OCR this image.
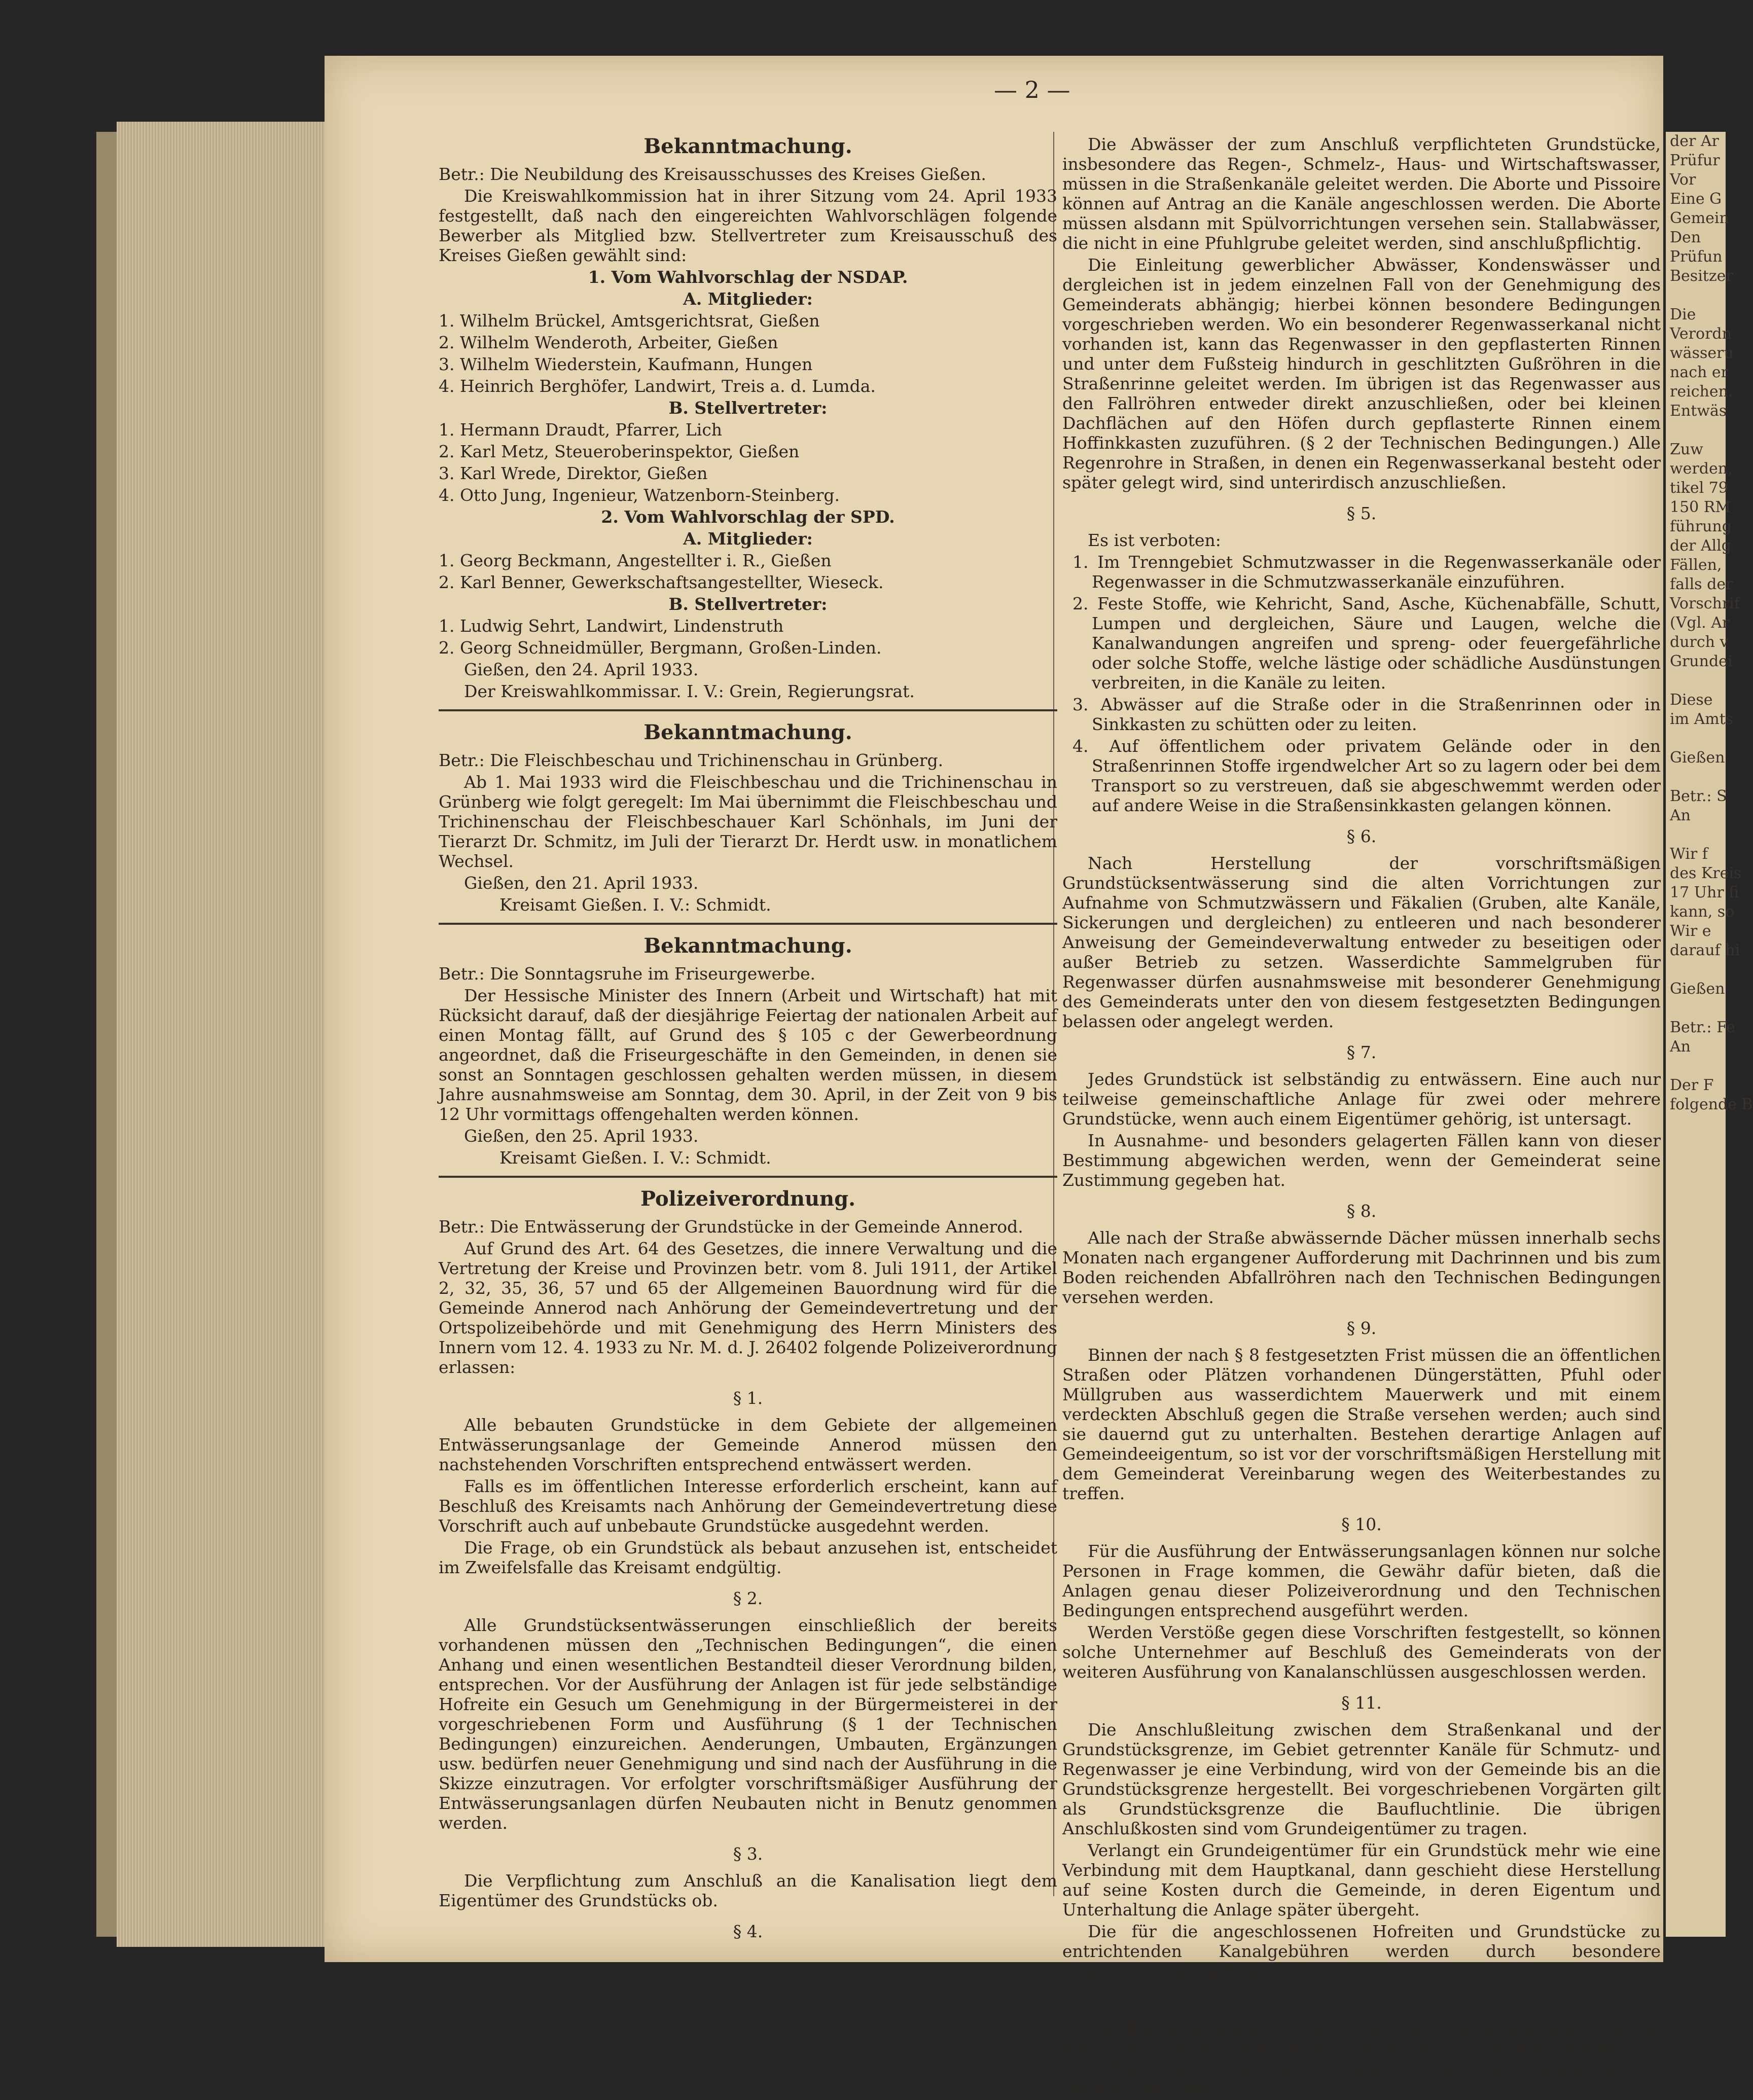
— 2 —
Bekanntmachung.

Betr.: Die Neubildung des Kreisausschusses des Kreises Gießen.

Die Kreiswahlkommission hat in ihrer Sitzung vom 24. April 1933 festgestellt, daß nach den eingereichten Wahlvorschlägen folgende Bewerber als Mitglied bzw. Stellvertreter zum Kreisausschuß des Kreises Gießen gewählt sind:

1. Vom Wahlvorschlag der NSDAP.

A. Mitglieder:

1. Wilhelm Brückel, Amtsgerichtsrat, Gießen

2. Wilhelm Wenderoth, Arbeiter, Gießen

3. Wilhelm Wiederstein, Kaufmann, Hungen

4. Heinrich Berghöfer, Landwirt, Treis a. d. Lumda.

B. Stellvertreter:

1. Hermann Draudt, Pfarrer, Lich

2. Karl Metz, Steueroberinspektor, Gießen

3. Karl Wrede, Direktor, Gießen

4. Otto Jung, Ingenieur, Watzenborn-Steinberg.

2. Vom Wahlvorschlag der SPD.

A. Mitglieder:

1. Georg Beckmann, Angestellter i. R., Gießen

2. Karl Benner, Gewerkschaftsangestellter, Wieseck.

B. Stellvertreter:

1. Ludwig Sehrt, Landwirt, Lindenstruth

2. Georg Schneidmüller, Bergmann, Großen-Linden.

Gießen, den 24. April 1933.

Der Kreiswahlkommissar. I. V.: Grein, Regierungsrat.

Bekanntmachung.

Betr.: Die Fleischbeschau und Trichinenschau in Grünberg.

Ab 1. Mai 1933 wird die Fleischbeschau und die Trichinenschau in Grünberg wie folgt geregelt: Im Mai übernimmt die Fleischbeschau und Trichinenschau der Fleischbeschauer Karl Schönhals, im Juni der Tierarzt Dr. Schmitz, im Juli der Tierarzt Dr. Herdt usw. in monatlichem Wechsel.

Gießen, den 21. April 1933.

Kreisamt Gießen. I. V.: Schmidt.

Bekanntmachung.

Betr.: Die Sonntagsruhe im Friseurgewerbe.

Der Hessische Minister des Innern (Arbeit und Wirtschaft) hat mit Rücksicht darauf, daß der diesjährige Feiertag der nationalen Arbeit auf einen Montag fällt, auf Grund des § 105 c der Gewerbeordnung angeordnet, daß die Friseurgeschäfte in den Gemeinden, in denen sie sonst an Sonntagen geschlossen gehalten werden müssen, in diesem Jahre ausnahmsweise am Sonntag, dem 30. April, in der Zeit von 9 bis 12 Uhr vormittags offengehalten werden können.

Gießen, den 25. April 1933.

Kreisamt Gießen. I. V.: Schmidt.

Polizeiverordnung.

Betr.: Die Entwässerung der Grundstücke in der Gemeinde Annerod.

Auf Grund des Art. 64 des Gesetzes, die innere Verwaltung und die Vertretung der Kreise und Provinzen betr. vom 8. Juli 1911, der Artikel 2, 32, 35, 36, 57 und 65 der Allgemeinen Bauordnung wird für die Gemeinde Annerod nach Anhörung der Gemeindevertretung und der Ortspolizeibehörde und mit Genehmigung des Herrn Ministers des Innern vom 12. 4. 1933 zu Nr. M. d. J. 26402 folgende Polizeiverordnung erlassen:

§ 1.

Alle bebauten Grundstücke in dem Gebiete der allgemeinen Entwässerungsanlage der Gemeinde Annerod müssen den nachstehenden Vorschriften entsprechend entwässert werden.

Falls es im öffentlichen Interesse erforderlich erscheint, kann auf Beschluß des Kreisamts nach Anhörung der Gemeindevertretung diese Vorschrift auch auf unbebaute Grundstücke ausgedehnt werden.

Die Frage, ob ein Grundstück als bebaut anzusehen ist, entscheidet im Zweifelsfalle das Kreisamt endgültig.

§ 2.

Alle Grundstücksentwässerungen einschließlich der bereits vorhandenen müssen den „Technischen Bedingungen“, die einen Anhang und einen wesentlichen Bestandteil dieser Verordnung bilden, entsprechen. Vor der Ausführung der Anlagen ist für jede selbständige Hofreite ein Gesuch um Genehmigung in der Bürgermeisterei in der vorgeschriebenen Form und Ausführung (§ 1 der Technischen Bedingungen) einzureichen. Aenderungen, Umbauten, Ergänzungen usw. bedürfen neuer Genehmigung und sind nach der Ausführung in die Skizze einzutragen. Vor erfolgter vorschriftsmäßiger Ausführung der Entwässerungsanlagen dürfen Neubauten nicht in Benutz genommen werden.

§ 3.

Die Verpflichtung zum Anschluß an die Kanalisation liegt dem Eigentümer des Grundstücks ob.

§ 4.

Die Abwässer der zum Anschluß verpflichteten Grundstücke, insbesondere das Regen-, Schmelz-, Haus- und Wirtschaftswasser, müssen in die Straßenkanäle geleitet werden. Die Aborte und Pissoire können auf Antrag an die Kanäle angeschlossen werden. Die Aborte müssen alsdann mit Spülvorrichtungen versehen sein. Stallabwässer, die nicht in eine Pfuhlgrube geleitet werden, sind anschlußpflichtig.

Die Einleitung gewerblicher Abwässer, Kondenswässer und dergleichen ist in jedem einzelnen Fall von der Genehmigung des Gemeinderats abhängig; hierbei können besondere Bedingungen vorgeschrieben werden. Wo ein besonderer Regenwasserkanal nicht vorhanden ist, kann das Regenwasser in den gepflasterten Rinnen und unter dem Fußsteig hindurch in geschlitzten Gußröhren in die Straßenrinne geleitet werden. Im übrigen ist das Regenwasser aus den Fallröhren entweder direkt anzuschließen, oder bei kleinen Dachflächen auf den Höfen durch gepflasterte Rinnen einem Hoffinkkasten zuzuführen. (§ 2 der Technischen Bedingungen.) Alle Regenrohre in Straßen, in denen ein Regenwasserkanal besteht oder später gelegt wird, sind unterirdisch anzuschließen.

§ 5.

Es ist verboten:

1. Im Trenngebiet Schmutzwasser in die Regenwasserkanäle oder Regenwasser in die Schmutzwasserkanäle einzuführen.

2. Feste Stoffe, wie Kehricht, Sand, Asche, Küchenabfälle, Schutt, Lumpen und dergleichen, Säure und Laugen, welche die Kanalwandungen angreifen und spreng- oder feuergefährliche oder solche Stoffe, welche lästige oder schädliche Ausdünstungen verbreiten, in die Kanäle zu leiten.

3. Abwässer auf die Straße oder in die Straßenrinnen oder in Sinkkasten zu schütten oder zu leiten.

4. Auf öffentlichem oder privatem Gelände oder in den Straßenrinnen Stoffe irgendwelcher Art so zu lagern oder bei dem Transport so zu verstreuen, daß sie abgeschwemmt werden oder auf andere Weise in die Straßensinkkasten gelangen können.

§ 6.

Nach Herstellung der vorschriftsmäßigen Grundstücksentwässerung sind die alten Vorrichtungen zur Aufnahme von Schmutzwässern und Fäkalien (Gruben, alte Kanäle, Sickerungen und dergleichen) zu entleeren und nach besonderer Anweisung der Gemeindeverwaltung entweder zu beseitigen oder außer Betrieb zu setzen. Wasserdichte Sammelgruben für Regenwasser dürfen ausnahmsweise mit besonderer Genehmigung des Gemeinderats unter den von diesem festgesetzten Bedingungen belassen oder angelegt werden.

§ 7.

Jedes Grundstück ist selbständig zu entwässern. Eine auch nur teilweise gemeinschaftliche Anlage für zwei oder mehrere Grundstücke, wenn auch einem Eigentümer gehörig, ist untersagt.

In Ausnahme- und besonders gelagerten Fällen kann von dieser Bestimmung abgewichen werden, wenn der Gemeinderat seine Zustimmung gegeben hat.

§ 8.

Alle nach der Straße abwässernde Dächer müssen innerhalb sechs Monaten nach ergangener Aufforderung mit Dachrinnen und bis zum Boden reichenden Abfallröhren nach den Technischen Bedingungen versehen werden.

§ 9.

Binnen der nach § 8 festgesetzten Frist müssen die an öffentlichen Straßen oder Plätzen vorhandenen Düngerstätten, Pfuhl oder Müllgruben aus wasserdichtem Mauerwerk und mit einem verdeckten Abschluß gegen die Straße versehen werden; auch sind sie dauernd gut zu unterhalten. Bestehen derartige Anlagen auf Gemeindeeigentum, so ist vor der vorschriftsmäßigen Herstellung mit dem Gemeinderat Vereinbarung wegen des Weiterbestandes zu treffen.

§ 10.

Für die Ausführung der Entwässerungsanlagen können nur solche Personen in Frage kommen, die Gewähr dafür bieten, daß die Anlagen genau dieser Polizeiverordnung und den Technischen Bedingungen entsprechend ausgeführt werden.

Werden Verstöße gegen diese Vorschriften festgestellt, so können solche Unternehmer auf Beschluß des Gemeinderats von der weiteren Ausführung von Kanalanschlüssen ausgeschlossen werden.

§ 11.

Die Anschlußleitung zwischen dem Straßenkanal und der Grundstücksgrenze, im Gebiet getrennter Kanäle für Schmutz- und Regenwasser je eine Verbindung, wird von der Gemeinde bis an die Grundstücksgrenze hergestellt. Bei vorgeschriebenen Vorgärten gilt als Grundstücksgrenze die Baufluchtlinie. Die übrigen Anschlußkosten sind vom Grundeigentümer zu tragen.

Verlangt ein Grundeigentümer für ein Grundstück mehr wie eine Verbindung mit dem Hauptkanal, dann geschieht diese Herstellung auf seine Kosten durch die Gemeinde, in deren Eigentum und Unterhaltung die Anlage später übergeht.

Die für die angeschlossenen Hofreiten und Grundstücke zu entrichtenden Kanalgebühren werden durch besondere Gebührenordnung festgesetzt.

§ 12.

Die Bürgermeisterei ist berechtigt, die Ausführung der Arbeiten jederzeit zu prüfen oder prüfen zu lassen. Zu diesem Zwecke sind vom Eigentümer oder Besitzer alle erforderlichen Maßnahmen zu treffen. Jeder Teil

der Ar
Prüfur
Vor
Eine G
Gemein
Den
Prüfun
Besitzer

Die
Verordn
wässeru
nach er
reichen.
Entwäs

Zuw
werden,
tikel 79
150 RM
führung
der Allg
Fällen,
falls der
Vorschrif
(Vgl. Ar
durch v
Grundei

Diese
im Amts

Gießen

Betr.: S
An

Wir f
des Kreis
17 Uhr fi
kann, so
Wir e
darauf hi

Gießen

Betr.: Fe
An

Der F
folgende B
